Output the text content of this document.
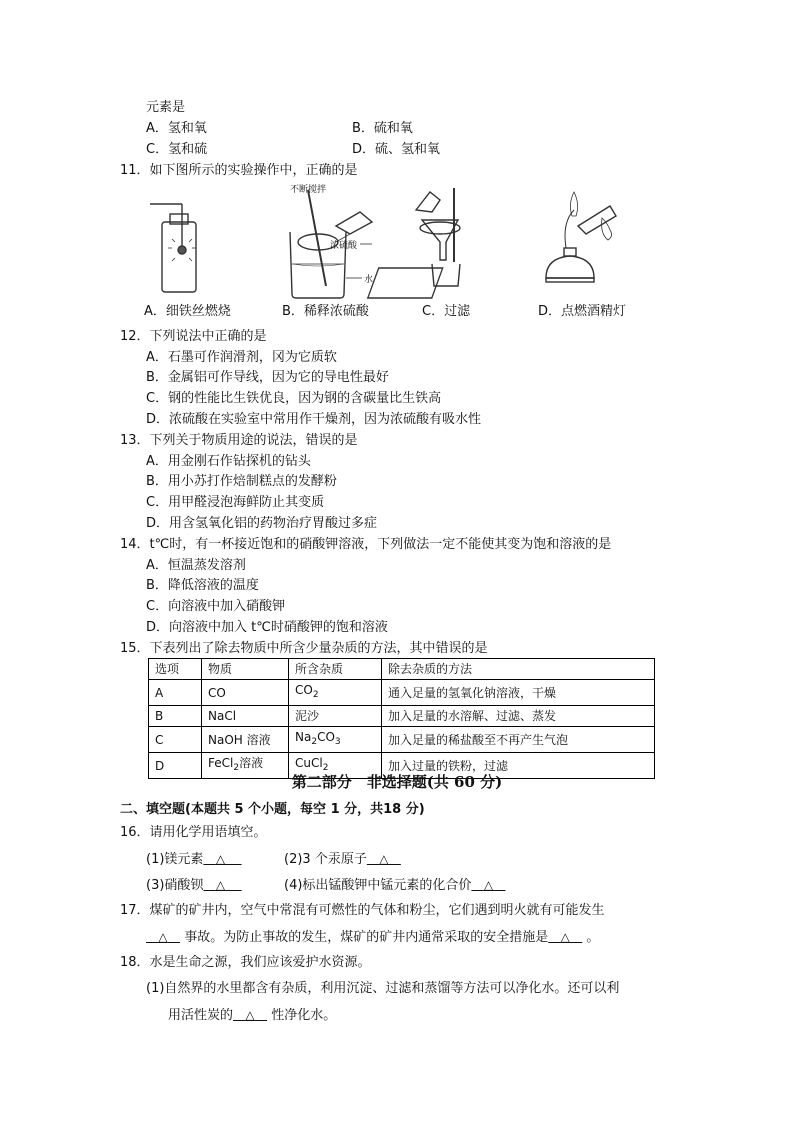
元素是
A．氢和氧	B．硫和氧
C．氢和硫	D．硫、氢和氧
11．如下图所示的实验操作中，正确的是
不断搅拌
浓硫酸
水
A．细铁丝燃烧	B．稀释浓硫酸	C．过滤	D．点燃酒精灯
12．下列说法中正确的是
A．石墨可作润滑剂，冈为它质软
B．金属铝可作导线，因为它的导电性最好
C．钢的性能比生铁优良，因为钢的含碳量比生铁高
D．浓硫酸在实验室中常用作干燥剂，因为浓硫酸有吸水性
13．下列关于物质用途的说法，错误的是
A．用金刚石作钻探机的钻头
B．用小苏打作焙制糕点的发酵粉
C．用甲醛浸泡海鲜防止其变质
D．用含氢氧化铝的药物治疗胃酸过多症
14．t℃时，有一杯接近饱和的硝酸钾溶液，下列做法一定不能使其变为饱和溶液的是
A．恒温蒸发溶剂
B．降低溶液的温度
C．向溶液中加入硝酸钾
D．向溶液中加入 t℃时硝酸钾的饱和溶液
15．下表列出了除去物质中所含少量杂质的方法，其中错误的是
选项	物质	所含杂质	除去杂质的方法
A	CO	$CO_2$	通入足量的氢氧化钠溶液，干燥
B	NaCl	泥沙	加入足量的水溶解、过滤、蒸发
C	NaOH 溶液	$Na_2CO_3$	加入足量的稀盐酸至不再产生气泡
D	FeCl$_2$溶液	CuCl$_2$	加入过量的铁粉，过滤
第二部分　非选择题(共 60 分)
二、填空题(本题共 5 个小题，每空 1 分，共18 分)
16．请用化学用语填空。
(1)镁元素 △	(2)3 个汞原子 △
(3)硝酸钡 △	(4)标出锰酸钾中锰元素的化合价 △
17．煤矿的矿井内，空气中常混有可燃性的气体和粉尘，它们遇到明火就有可能发生
△ 事故。为防止事故的发生，煤矿的矿井内通常采取的安全措施是 △ 。
18．水是生命之源，我们应该爱护水资源。
(1)自然界的水里都含有杂质，利用沉淀、过滤和蒸馏等方法可以净化水。还可以利
用活性炭的 △ 性净化水。
